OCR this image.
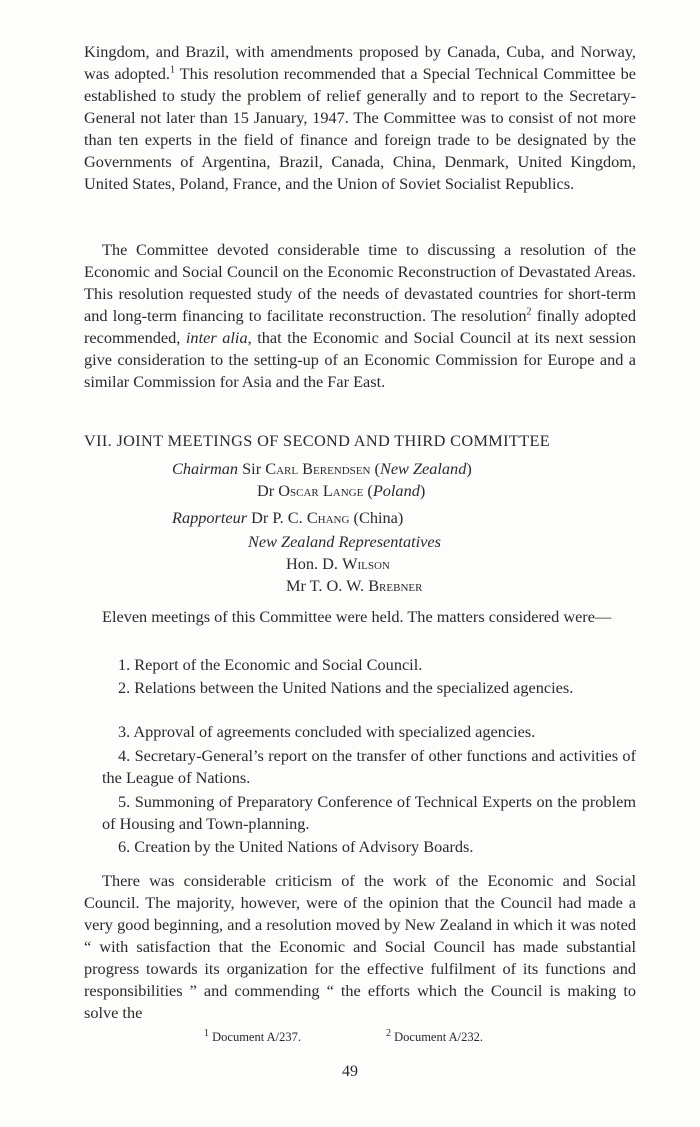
Kingdom, and Brazil, with amendments proposed by Canada, Cuba, and Norway, was adopted.$^1$ This resolution recommended that a Special Technical Committee be established to study the problem of relief generally and to report to the Secretary-General not later than 15 January, 1947. The Committee was to consist of not more than ten experts in the field of finance and foreign trade to be designated by the Governments of Argentina, Brazil, Canada, China, Denmark, United Kingdom, United States, Poland, France, and the Union of Soviet Socialist Republics.

The Committee devoted considerable time to discussing a resolution of the Economic and Social Council on the Economic Reconstruction of Devastated Areas. This resolution requested study of the needs of devastated countries for short-term and long-term financing to facilitate reconstruction. The resolution$^2$ finally adopted recommended, inter alia, that the Economic and Social Council at its next session give consideration to the setting-up of an Economic Commission for Europe and a similar Commission for Asia and the Far East.

VII. JOINT MEETINGS OF SECOND AND THIRD COMMITTEE
Chairman Sir Carl Berendsen (New Zealand)
Dr Oscar Lange (Poland)
Rapporteur Dr P. C. Chang (China)
New Zealand Representatives
Hon. D. Wilson
Mr T. O. W. Brebner

Eleven meetings of this Committee were held. The matters considered were—

1. Report of the Economic and Social Council.

2. Relations between the United Nations and the specialized agencies.

3. Approval of agreements concluded with specialized agencies.

4. Secretary-General’s report on the transfer of other functions and activities of the League of Nations.

5. Summoning of Preparatory Conference of Technical Experts on the problem of Housing and Town-planning.

6. Creation by the United Nations of Advisory Boards.

There was considerable criticism of the work of the Economic and Social Council. The majority, however, were of the opinion that the Council had made a very good beginning, and a resolution moved by New Zealand in which it was noted “ with satisfaction that the Economic and Social Council has made substantial progress towards its organization for the effective fulfilment of its functions and responsibilities ” and commending “ the efforts which the Council is making to solve the

$^1$ Document A/237.	$^2$ Document A/232.
49
